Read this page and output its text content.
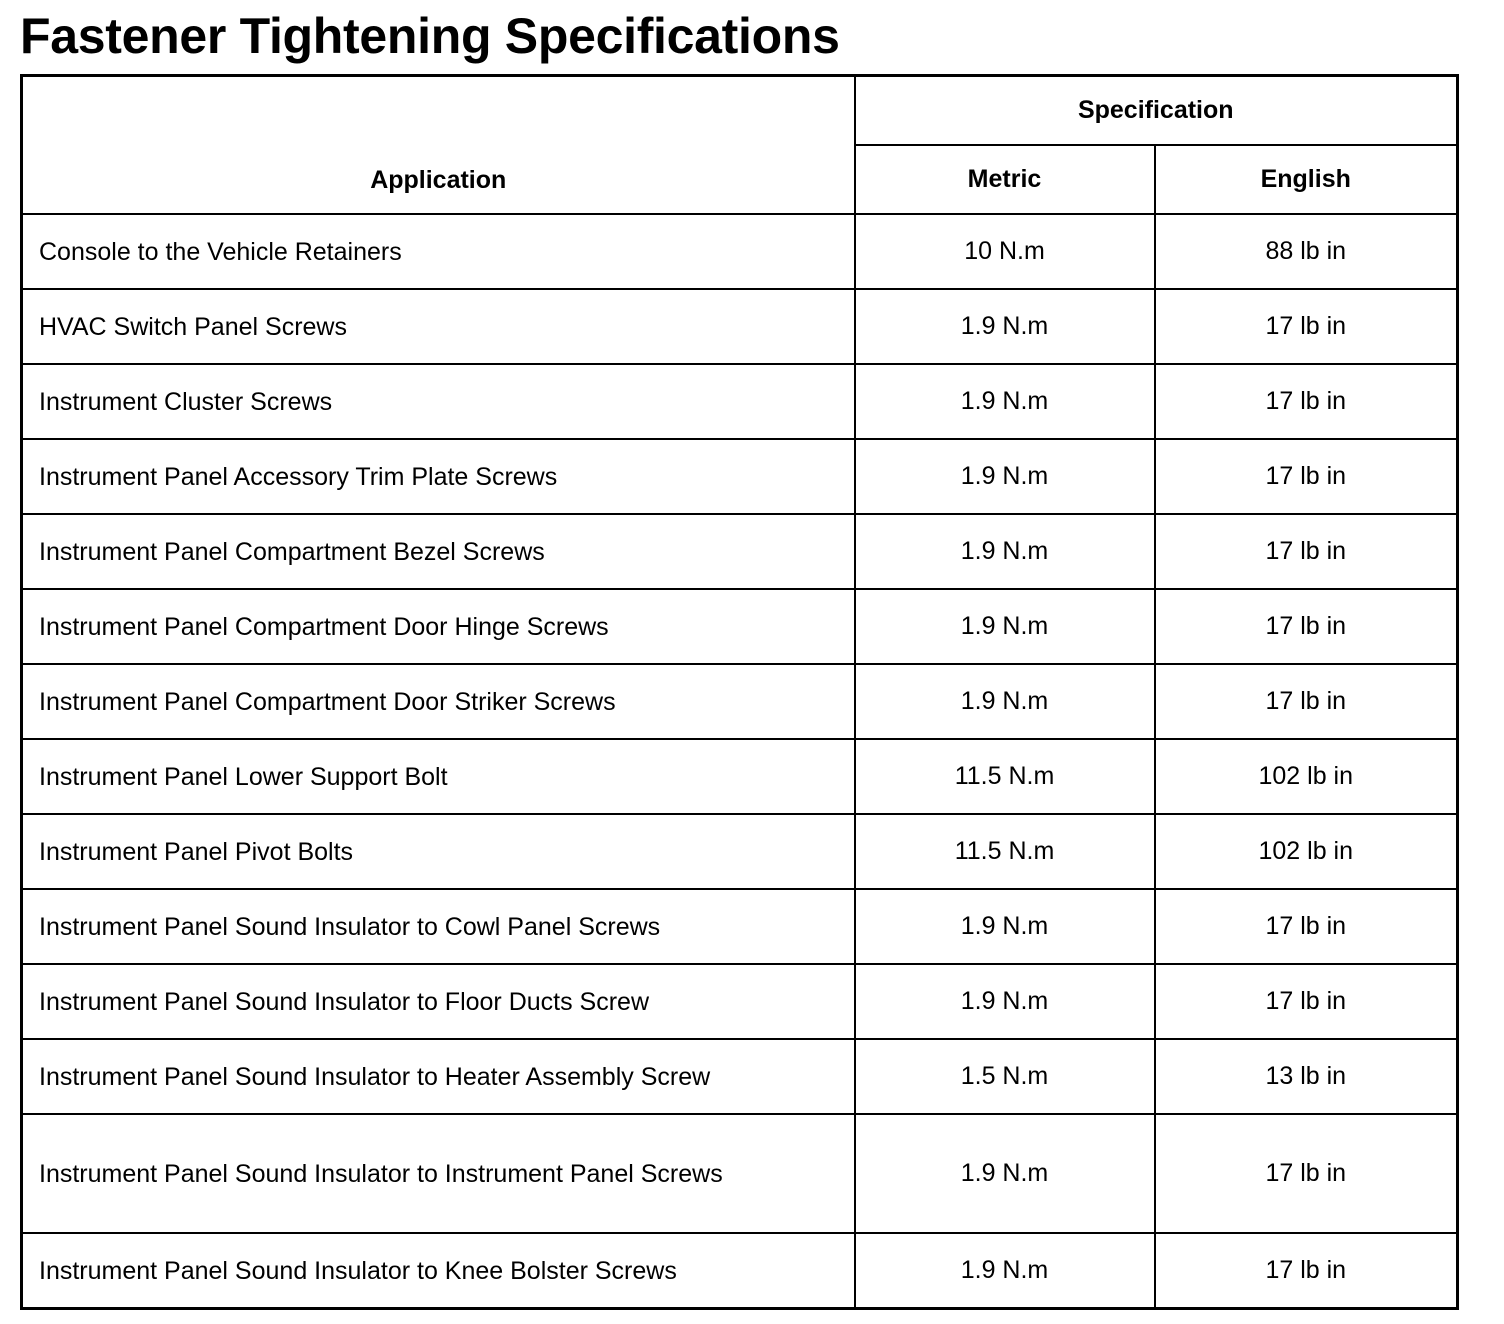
Fastener Tightening Specifications
Application	Specification	
	Metric	English
Console to the Vehicle Retainers	10 N.m	88 lb in
HVAC Switch Panel Screws	1.9 N.m	17 lb in
Instrument Cluster Screws	1.9 N.m	17 lb in
Instrument Panel Accessory Trim Plate Screws	1.9 N.m	17 lb in
Instrument Panel Compartment Bezel Screws	1.9 N.m	17 lb in
Instrument Panel Compartment Door Hinge Screws	1.9 N.m	17 lb in
Instrument Panel Compartment Door Striker Screws	1.9 N.m	17 lb in
Instrument Panel Lower Support Bolt	11.5 N.m	102 lb in
Instrument Panel Pivot Bolts	11.5 N.m	102 lb in
Instrument Panel Sound Insulator to Cowl Panel Screws	1.9 N.m	17 lb in
Instrument Panel Sound Insulator to Floor Ducts Screw	1.9 N.m	17 lb in
Instrument Panel Sound Insulator to Heater Assembly Screw	1.5 N.m	13 lb in
Instrument Panel Sound Insulator to Instrument Panel Screws	1.9 N.m	17 lb in
Instrument Panel Sound Insulator to Knee Bolster Screws	1.9 N.m	17 lb in
